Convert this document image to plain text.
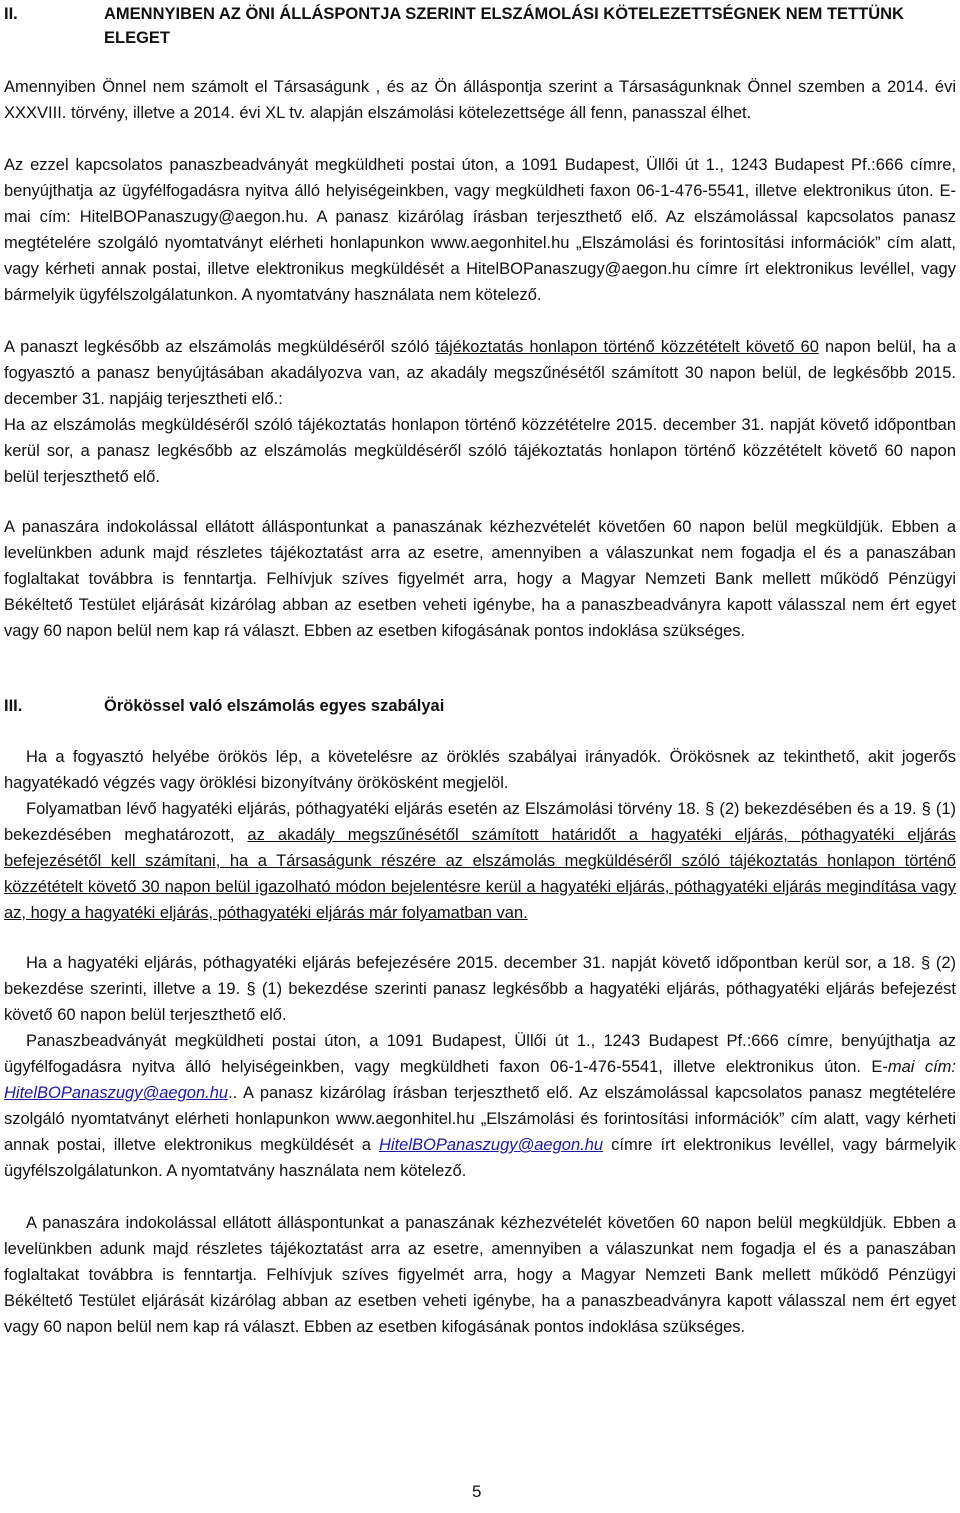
II.	AMENNYIBEN AZ ÖNI ÁLLÁSPONTJA SZERINT ELSZÁMOLÁSI KÖTELEZETTSÉGNEK NEM TETTÜNK ELEGET
Amennyiben Önnel nem számolt el Társaságunk , és az Ön álláspontja szerint a Társaságunknak Önnel szemben a 2014. évi XXXVIII. törvény, illetve a 2014. évi XL tv. alapján elszámolási kötelezettsége áll fenn, panasszal élhet.
Az ezzel kapcsolatos panaszbeadványát megküldheti postai úton, a 1091 Budapest, Üllői út 1., 1243 Budapest Pf.:666 címre, benyújthatja az ügyfélfogadásra nyitva álló helyiségeinkben, vagy megküldheti faxon 06-1-476-5541, illetve elektronikus úton. E-mai cím: HitelBOPanaszugy@aegon.hu. A panasz kizárólag írásban terjeszthető elő. Az elszámolással kapcsolatos panasz megtételére szolgáló nyomtatványt elérheti honlapunkon www.aegonhitel.hu „Elszámolási és forintosítási információk” cím alatt, vagy kérheti annak postai, illetve elektronikus megküldését a HitelBOPanaszugy@aegon.hu címre írt elektronikus levéllel, vagy bármelyik ügyfélszolgálatunkon. A nyomtatvány használata nem kötelező.
A panaszt legkésőbb az elszámolás megküldéséről szóló tájékoztatás honlapon történő közzétételt követő 60 napon belül, ha a fogyasztó a panasz benyújtásában akadályozva van, az akadály megszűnésétől számított 30 napon belül, de legkésőbb 2015. december 31. napjáig terjesztheti elő.:
Ha az elszámolás megküldéséről szóló tájékoztatás honlapon történő közzétételre 2015. december 31. napját követő időpontban kerül sor, a panasz legkésőbb az elszámolás megküldéséről szóló tájékoztatás honlapon történő közzétételt követő 60 napon belül terjeszthető elő.
A panaszára indokolással ellátott álláspontunkat a panaszának kézhezvételét követően 60 napon belül megküldjük. Ebben a levelünkben adunk majd részletes tájékoztatást arra az esetre, amennyiben a válaszunkat nem fogadja el és a panaszában foglaltakat továbbra is fenntartja. Felhívjuk szíves figyelmét arra, hogy a Magyar Nemzeti Bank mellett működő Pénzügyi Békéltető Testület eljárását kizárólag abban az esetben veheti igénybe, ha a panaszbeadványra kapott válasszal nem ért egyet vagy 60 napon belül nem kap rá választ. Ebben az esetben kifogásának pontos indoklása szükséges.
III.	Örökössel való elszámolás egyes szabályai
Ha a fogyasztó helyébe örökös lép, a követelésre az öröklés szabályai irányadók. Örökösnek az tekinthető, akit jogerős hagyatékadó végzés vagy öröklési bizonyítvány örökösként megjelöl.
Folyamatban lévő hagyatéki eljárás, póthagyatéki eljárás esetén az Elszámolási törvény 18. § (2) bekezdésében és a 19. § (1) bekezdésében meghatározott, az akadály megszűnésétől számított határidőt a hagyatéki eljárás, póthagyatéki eljárás befejezésétől kell számítani, ha a Társaságunk részére az elszámolás megküldéséről szóló tájékoztatás honlapon történő közzétételt követő 30 napon belül igazolható módon bejelentésre kerül a hagyatéki eljárás, póthagyatéki eljárás megindítása vagy az, hogy a hagyatéki eljárás, póthagyatéki eljárás már folyamatban van.
Ha a hagyatéki eljárás, póthagyatéki eljárás befejezésére 2015. december 31. napját követő időpontban kerül sor, a 18. § (2) bekezdése szerinti, illetve a 19. § (1) bekezdése szerinti panasz legkésőbb a hagyatéki eljárás, póthagyatéki eljárás befejezést követő 60 napon belül terjeszthető elő.
Panaszbeadványát megküldheti postai úton, a 1091 Budapest, Üllői út 1., 1243 Budapest Pf.:666 címre, benyújthatja az ügyfélfogadásra nyitva álló helyiségeinkben, vagy megküldheti faxon 06-1-476-5541, illetve elektronikus úton. E-mai cím: HitelBOPanaszugy@aegon.hu.. A panasz kizárólag írásban terjeszthető elő. Az elszámolással kapcsolatos panasz megtételére szolgáló nyomtatványt elérheti honlapunkon www.aegonhitel.hu „Elszámolási és forintosítási információk” cím alatt, vagy kérheti annak postai, illetve elektronikus megküldését a HitelBOPanaszugy@aegon.hu címre írt elektronikus levéllel, vagy bármelyik ügyfélszolgálatunkon. A nyomtatvány használata nem kötelező.
A panaszára indokolással ellátott álláspontunkat a panaszának kézhezvételét követően 60 napon belül megküldjük. Ebben a levelünkben adunk majd részletes tájékoztatást arra az esetre, amennyiben a válaszunkat nem fogadja el és a panaszában foglaltakat továbbra is fenntartja. Felhívjuk szíves figyelmét arra, hogy a Magyar Nemzeti Bank mellett működő Pénzügyi Békéltető Testület eljárását kizárólag abban az esetben veheti igénybe, ha a panaszbeadványra kapott válasszal nem ért egyet vagy 60 napon belül nem kap rá választ. Ebben az esetben kifogásának pontos indoklása szükséges.
5
